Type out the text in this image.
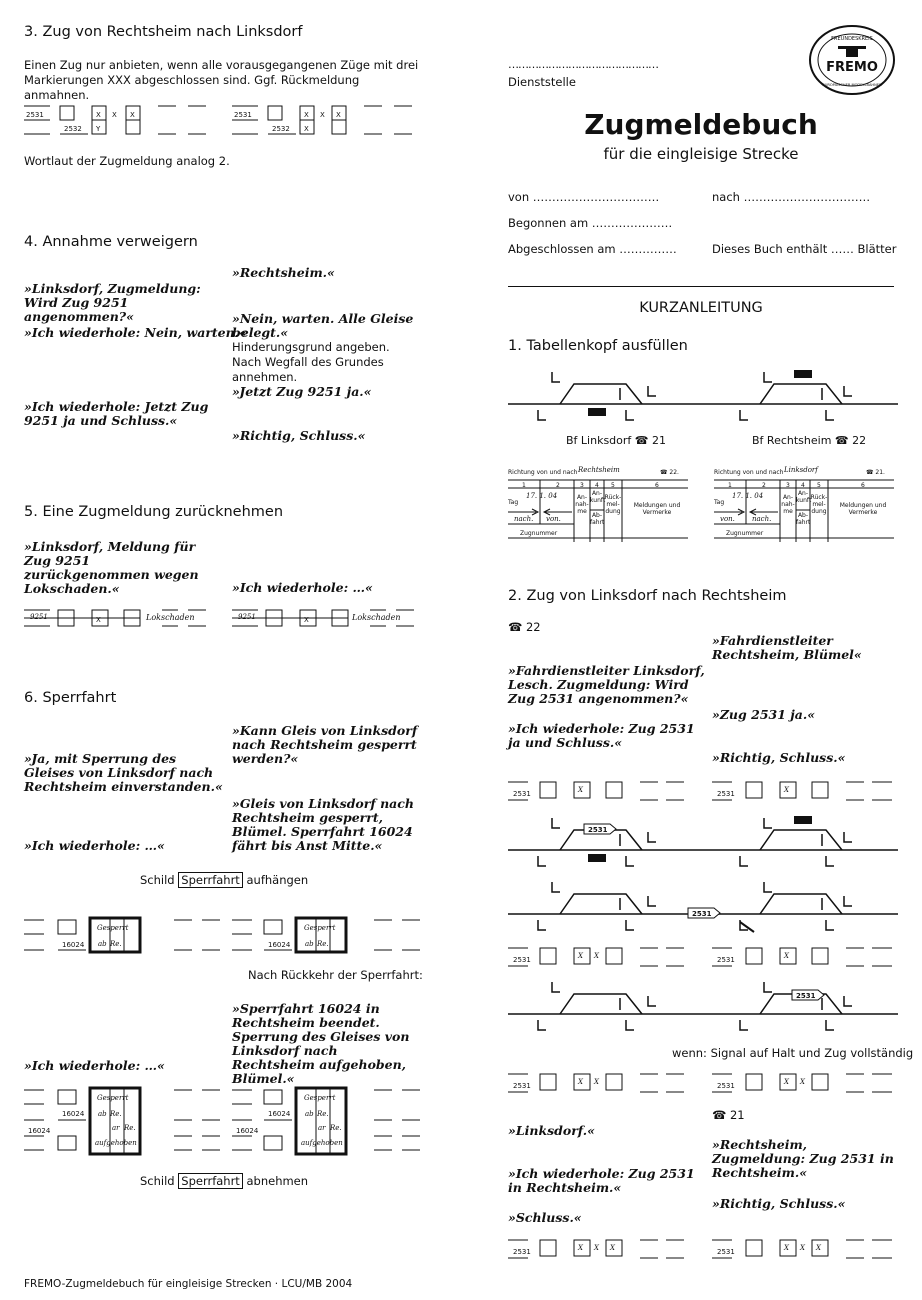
3. Zug von Rechtsheim nach Linksdorf
Einen Zug nur anbieten, wenn alle vorausgegangenen Züge mit drei Markierungen XXX abgeschlossen sind. Ggf. Rückmeldung anmahnen.
2531
2532
X X X
Y
2531
2532
X X X
X
Wortlaut der Zugmeldung analog 2.
4. Annahme verweigern
»Rechtsheim.«
»Linksdorf, Zugmeldung: Wird Zug 9251 angenommen?«	»Nein, warten. Alle Gleise belegt.«
»Ich wiederhole: Nein, warten.«
Hinderungsgrund angeben. Nach Wegfall des Grundes annehmen.
»Jetzt Zug 9251 ja.«
»Ich wiederhole: Jetzt Zug 9251 ja und Schluss.«
»Richtig, Schluss.«
5. Eine Zugmeldung zurücknehmen
»Linksdorf, Meldung für Zug 9251 zurückgenommen wegen Lokschaden.«	»Ich wiederhole: …«
X	X
Lokschaden	Lokschaden
9251	9251
6. Sperrfahrt
»Kann Gleis von Linksdorf nach Rechtsheim gesperrt werden?«
»Ja, mit Sperrung des Gleises von Linksdorf nach Rechtsheim einverstanden.«
»Gleis von Linksdorf nach Rechtsheim gesperrt, Blümel. Sperrfahrt 16024 fährt bis Anst Mitte.«
»Ich wiederhole: …«
Schild Sperrfahrt aufhängen
Gesperrt
16024 ab Re.
Gesperrt
16024 ab Re.
Nach Rückkehr der Sperrfahrt:
»Sperrfahrt 16024 in Rechtsheim beendet. Sperrung des Gleises von Linksdorf nach Rechtsheim aufgehoben, Blümel.«
»Ich wiederhole: …«
Gesperrt
16024 ab Re.
16024	ar Re.
aufgehoben
Gesperrt
16024 ab Re.
16024	ar Re.
aufgehoben
Schild Sperrfahrt abnehmen
FREMO-Zugmeldebuch für eingleisige Strecken · LCU/MB 2004
………………………………………
Dienststelle
FREMO
FREUNDESKREIS
EUROPÄISCHER MODELLBAHNER
Zugmeldebuch
für die eingleisige Strecke
von ……………………………	nach ……………………………
Begonnen am …………………
Abgeschlossen am ……………	Dieses Buch enthält …… Blätter
KURZANLEITUNG
1. Tabellenkopf ausfüllen
Bf Linksdorf ☎ 21	Bf Rechtsheim ☎ 22
Richtung von und nach Rechtsheim	☎ 22.
17. 1. 04
Tag
nach. von.
Zugnummer
An-nah-me
An-kunft
Ab-fahrt
Rück-mel-dung
Meldungen und Vermerke
Richtung von und nach Linksdorf	☎ 21.
17. 1. 04
Tag
von. nach.
Zugnummer
An-nah-me
An-kunft
Ab-fahrt
Rück-mel-dung
Meldungen und Vermerke
1	2	3 4 5	6	1	2	3 4 5	6
2. Zug von Linksdorf nach Rechtsheim
☎ 22
»Fahrdienstleiter Rechtsheim, Blümel«
»Fahrdienstleiter Linksdorf, Lesch. Zugmeldung: Wird Zug 2531 angenommen?«
»Zug 2531 ja.«
»Ich wiederhole: Zug 2531 ja und Schluss.«
»Richtig, Schluss.«
2531	X	2531	X
2531
2531
2531	X X	2531	X
2531
wenn: Signal auf Halt und Zug vollständig
2531	X X	2531	X X
☎ 21
»Linksdorf.«
»Rechtsheim, Zugmeldung: Zug 2531 in Rechtsheim.«
»Ich wiederhole: Zug 2531 in Rechtsheim.«
»Richtig, Schluss.«
»Schluss.«
2531	X X X	2531	X X X
